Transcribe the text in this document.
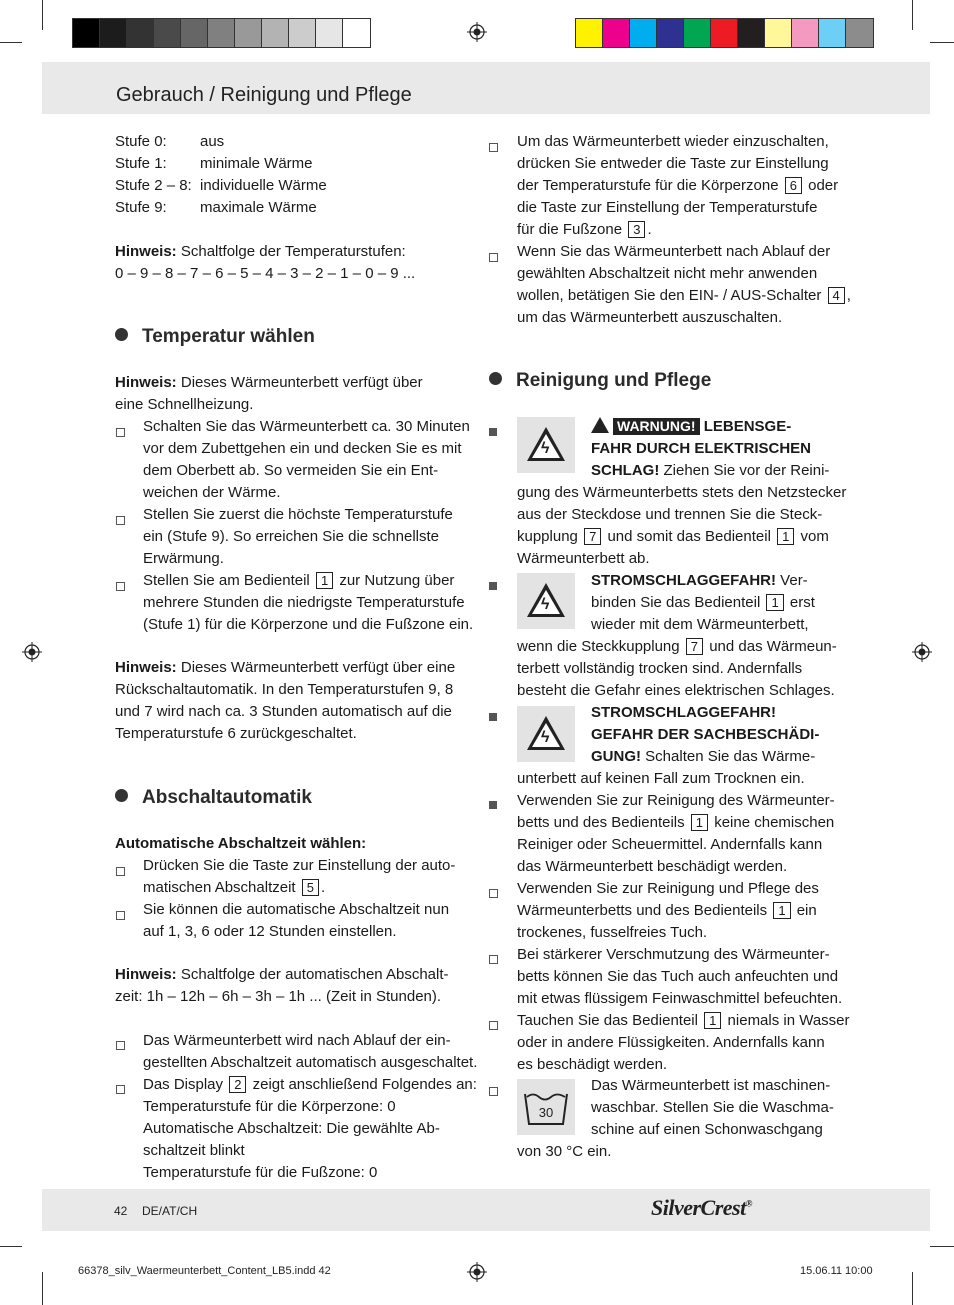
Gebrauch / Reinigung und Pflege
Stufe 0: aus
Stufe 1: minimale Wärme
Stufe 2 – 8: individuelle Wärme
Stufe 9: maximale Wärme
Hinweis: Schaltfolge der Temperaturstufen:
0 – 9 – 8 – 7 – 6 – 5 – 4 – 3 – 2 – 1 – 0 – 9 ...
Temperatur wählen
Hinweis: Dieses Wärmeunterbett verfügt über
eine Schnellheizung.
Schalten Sie das Wärmeunterbett ca. 30 Minuten
vor dem Zubettgehen ein und decken Sie es mit
dem Oberbett ab. So vermeiden Sie ein Ent-
weichen der Wärme.
Stellen Sie zuerst die höchste Temperaturstufe
ein (Stufe 9). So erreichen Sie die schnellste
Erwärmung.
Stellen Sie am Bedienteil 1 zur Nutzung über
mehrere Stunden die niedrigste Temperaturstufe
(Stufe 1) für die Körperzone und die Fußzone ein.
Hinweis: Dieses Wärmeunterbett verfügt über eine
Rückschaltautomatik. In den Temperaturstufen 9, 8
und 7 wird nach ca. 3 Stunden automatisch auf die
Temperaturstufe 6 zurückgeschaltet.
Abschaltautomatik
Automatische Abschaltzeit wählen:
Drücken Sie die Taste zur Einstellung der auto-
matischen Abschaltzeit 5 .
Sie können die automatische Abschaltzeit nun
auf 1, 3, 6 oder 12 Stunden einstellen.
Hinweis: Schaltfolge der automatischen Abschalt-
zeit: 1h – 12h – 6h – 3h – 1h ... (Zeit in Stunden).
Das Wärmeunterbett wird nach Ablauf der ein-
gestellten Abschaltzeit automatisch ausgeschaltet.
Das Display 2 zeigt anschließend Folgendes an:
Temperaturstufe für die Körperzone: 0
Automatische Abschaltzeit: Die gewählte Ab-
schaltzeit blinkt
Temperaturstufe für die Fußzone: 0
Um das Wärmeunterbett wieder einzuschalten,
drücken Sie entweder die Taste zur Einstellung
der Temperaturstufe für die Körperzone 6 oder
die Taste zur Einstellung der Temperaturstufe
für die Fußzone 3 .
Wenn Sie das Wärmeunterbett nach Ablauf der
gewählten Abschaltzeit nicht mehr anwenden
wollen, betätigen Sie den EIN- / AUS-Schalter 4 ,
um das Wärmeunterbett auszuschalten.
Reinigung und Pflege
ϟ
WARNUNG! LEBENSGE-
FAHR DURCH ELEKTRISCHEN
SCHLAG! Ziehen Sie vor der Reini-
gung des Wärmeunterbetts stets den Netzstecker
aus der Steckdose und trennen Sie die Steck-
kupplung 7 und somit das Bedienteil 1 vom
Wärmeunterbett ab.
ϟ
STROMSCHLAGGEFAHR! Ver-
binden Sie das Bedienteil 1 erst
wieder mit dem Wärmeunterbett,
wenn die Steckkupplung 7 und das Wärmeun-
terbett vollständig trocken sind. Andernfalls
besteht die Gefahr eines elektrischen Schlages.
ϟ
STROMSCHLAGGEFAHR!
GEFAHR DER SACHBESCHÄDI-
GUNG! Schalten Sie das Wärme-
unterbett auf keinen Fall zum Trocknen ein.
Verwenden Sie zur Reinigung des Wärmeunter-
betts und des Bedienteils 1 keine chemischen
Reiniger oder Scheuermittel. Andernfalls kann
das Wärmeunterbett beschädigt werden.
Verwenden Sie zur Reinigung und Pflege des
Wärmeunterbetts und des Bedienteils 1 ein
trockenes, fusselfreies Tuch.
Bei stärkerer Verschmutzung des Wärmeunter-
betts können Sie das Tuch auch anfeuchten und
mit etwas flüssigem Feinwaschmittel befeuchten.
Tauchen Sie das Bedienteil 1 niemals in Wasser
oder in andere Flüssigkeiten. Andernfalls kann
es beschädigt werden.
30
Das Wärmeunterbett ist maschinen-
waschbar. Stellen Sie die Waschma-
schine auf einen Schonwaschgang
von 30 °C ein.
42 DE/AT/CH	SilverCrest®
66378_silv_Waermeunterbett_Content_LB5.indd 42	15.06.11 10:00
